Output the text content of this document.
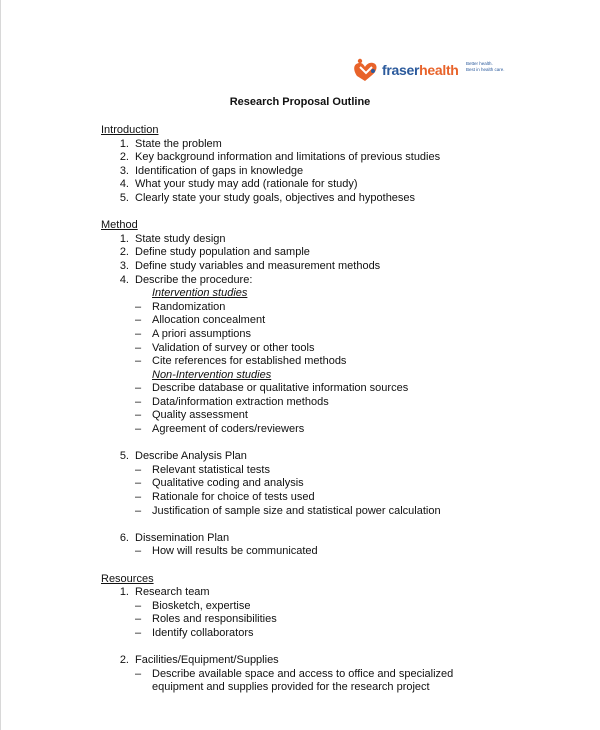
fraserhealth Better health.
Best in health care.
Research Proposal Outline
Introduction
1. State the problem
2. Key background information and limitations of previous studies
3. Identification of gaps in knowledge
4. What your study may add (rationale for study)
5. Clearly state your study goals, objectives and hypotheses
Method
1. State study design
2. Define study population and sample
3. Define study variables and measurement methods
4. Describe the procedure:
Intervention studies
– Randomization
– Allocation concealment
– A priori assumptions
– Validation of survey or other tools
– Cite references for established methods
Non-Intervention studies
– Describe database or qualitative information sources
– Data/information extraction methods
– Quality assessment
– Agreement of coders/reviewers
5. Describe Analysis Plan
– Relevant statistical tests
– Qualitative coding and analysis
– Rationale for choice of tests used
– Justification of sample size and statistical power calculation
6. Dissemination Plan
– How will results be communicated
Resources
1. Research team
– Biosketch, expertise
– Roles and responsibilities
– Identify collaborators
2. Facilities/Equipment/Supplies
– Describe available space and access to office and specialized
equipment and supplies provided for the research project
